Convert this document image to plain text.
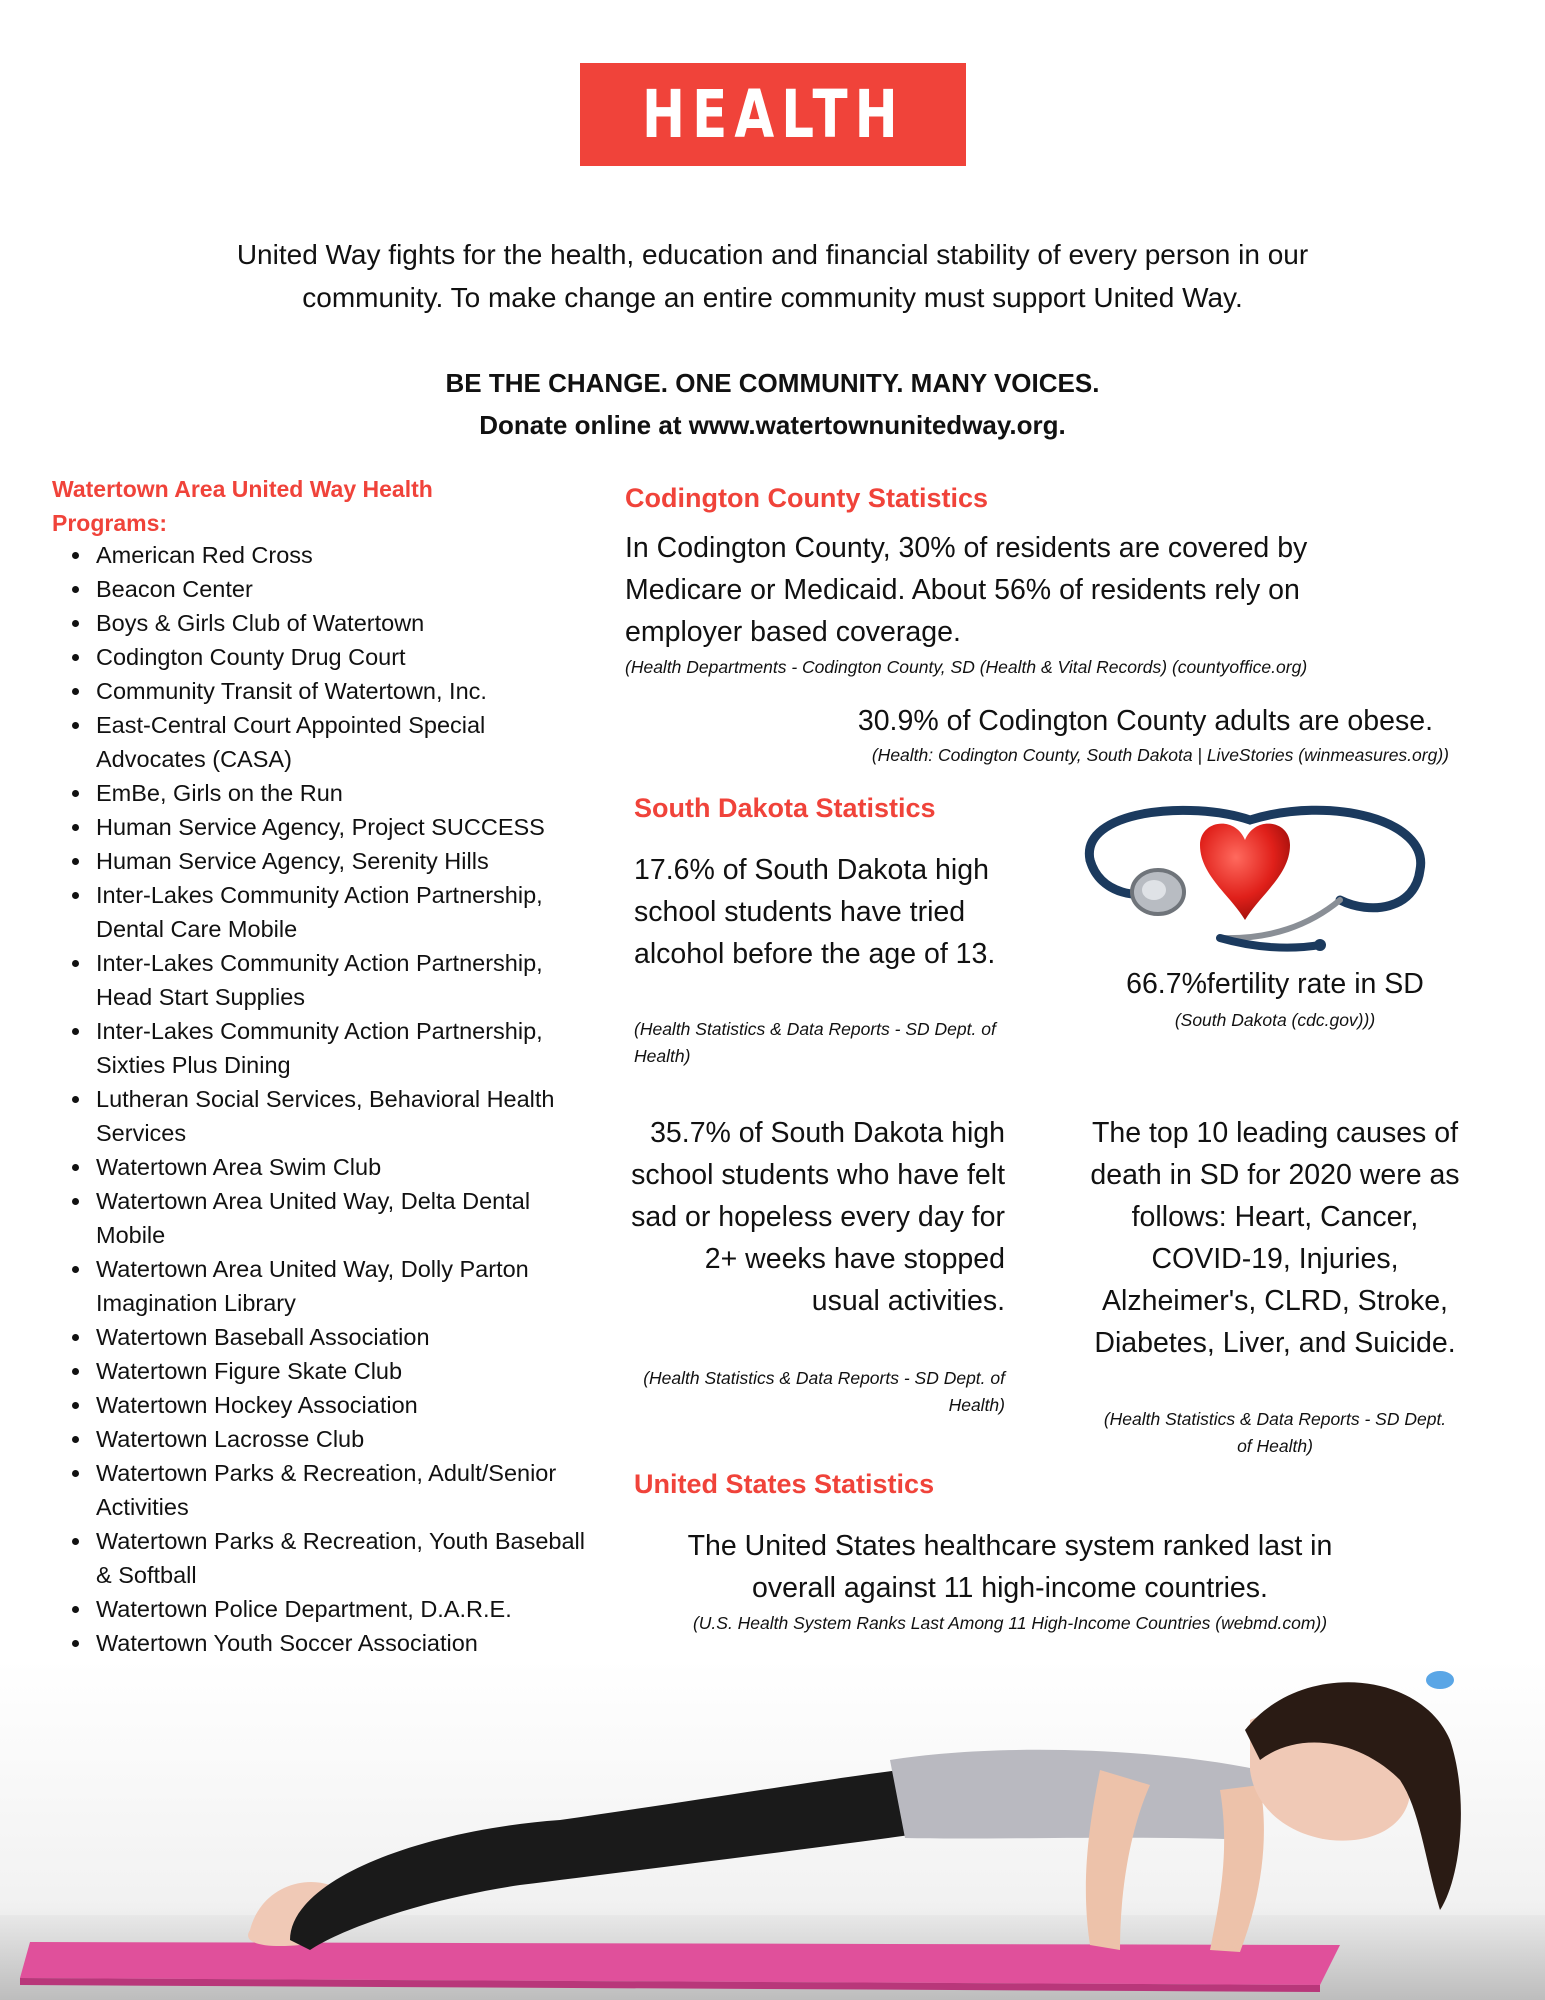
HEALTH
United Way fights for the health, education and financial stability of every person in our
community. To make change an entire community must support United Way.
BE THE CHANGE. ONE COMMUNITY. MANY VOICES.
Donate online at www.watertownunitedway.org.
Watertown Area United Way Health Programs:
American Red Cross
Beacon Center
Boys & Girls Club of Watertown
Codington County Drug Court
Community Transit of Watertown, Inc.
East-Central Court Appointed Special Advocates (CASA)
EmBe, Girls on the Run
Human Service Agency, Project SUCCESS
Human Service Agency, Serenity Hills
Inter-Lakes Community Action Partnership, Dental Care Mobile
Inter-Lakes Community Action Partnership, Head Start Supplies
Inter-Lakes Community Action Partnership, Sixties Plus Dining
Lutheran Social Services, Behavioral Health Services
Watertown Area Swim Club
Watertown Area United Way, Delta Dental Mobile
Watertown Area United Way, Dolly Parton Imagination Library
Watertown Baseball Association
Watertown Figure Skate Club
Watertown Hockey Association
Watertown Lacrosse Club
Watertown Parks & Recreation, Adult/Senior Activities
Watertown Parks & Recreation, Youth Baseball & Softball
Watertown Police Department, D.A.R.E.
Watertown Youth Soccer Association
Codington County Statistics
In Codington County, 30% of residents are covered by Medicare or Medicaid. About 56% of residents rely on employer based coverage.
(Health Departments - Codington County, SD (Health & Vital Records) (countyoffice.org)
30.9% of Codington County adults are obese.
(Health: Codington County, South Dakota | LiveStories (winmeasures.org))
South Dakota Statistics
17.6% of South Dakota high school students have tried alcohol before the age of 13.
(Health Statistics & Data Reports - SD Dept. of Health)
66.7%fertility rate in SD
(South Dakota (cdc.gov)))
35.7% of South Dakota high school students who have felt sad or hopeless every day for 2+ weeks have stopped usual activities.
(Health Statistics & Data Reports - SD Dept. of Health)
The top 10 leading causes of death in SD for 2020 were as follows: Heart, Cancer, COVID-19, Injuries, Alzheimer's, CLRD, Stroke, Diabetes, Liver, and Suicide.
(Health Statistics & Data Reports - SD Dept. of Health)
United States Statistics
The United States healthcare system ranked last in overall against 11 high-income countries.
(U.S. Health System Ranks Last Among 11 High-Income Countries (webmd.com))
